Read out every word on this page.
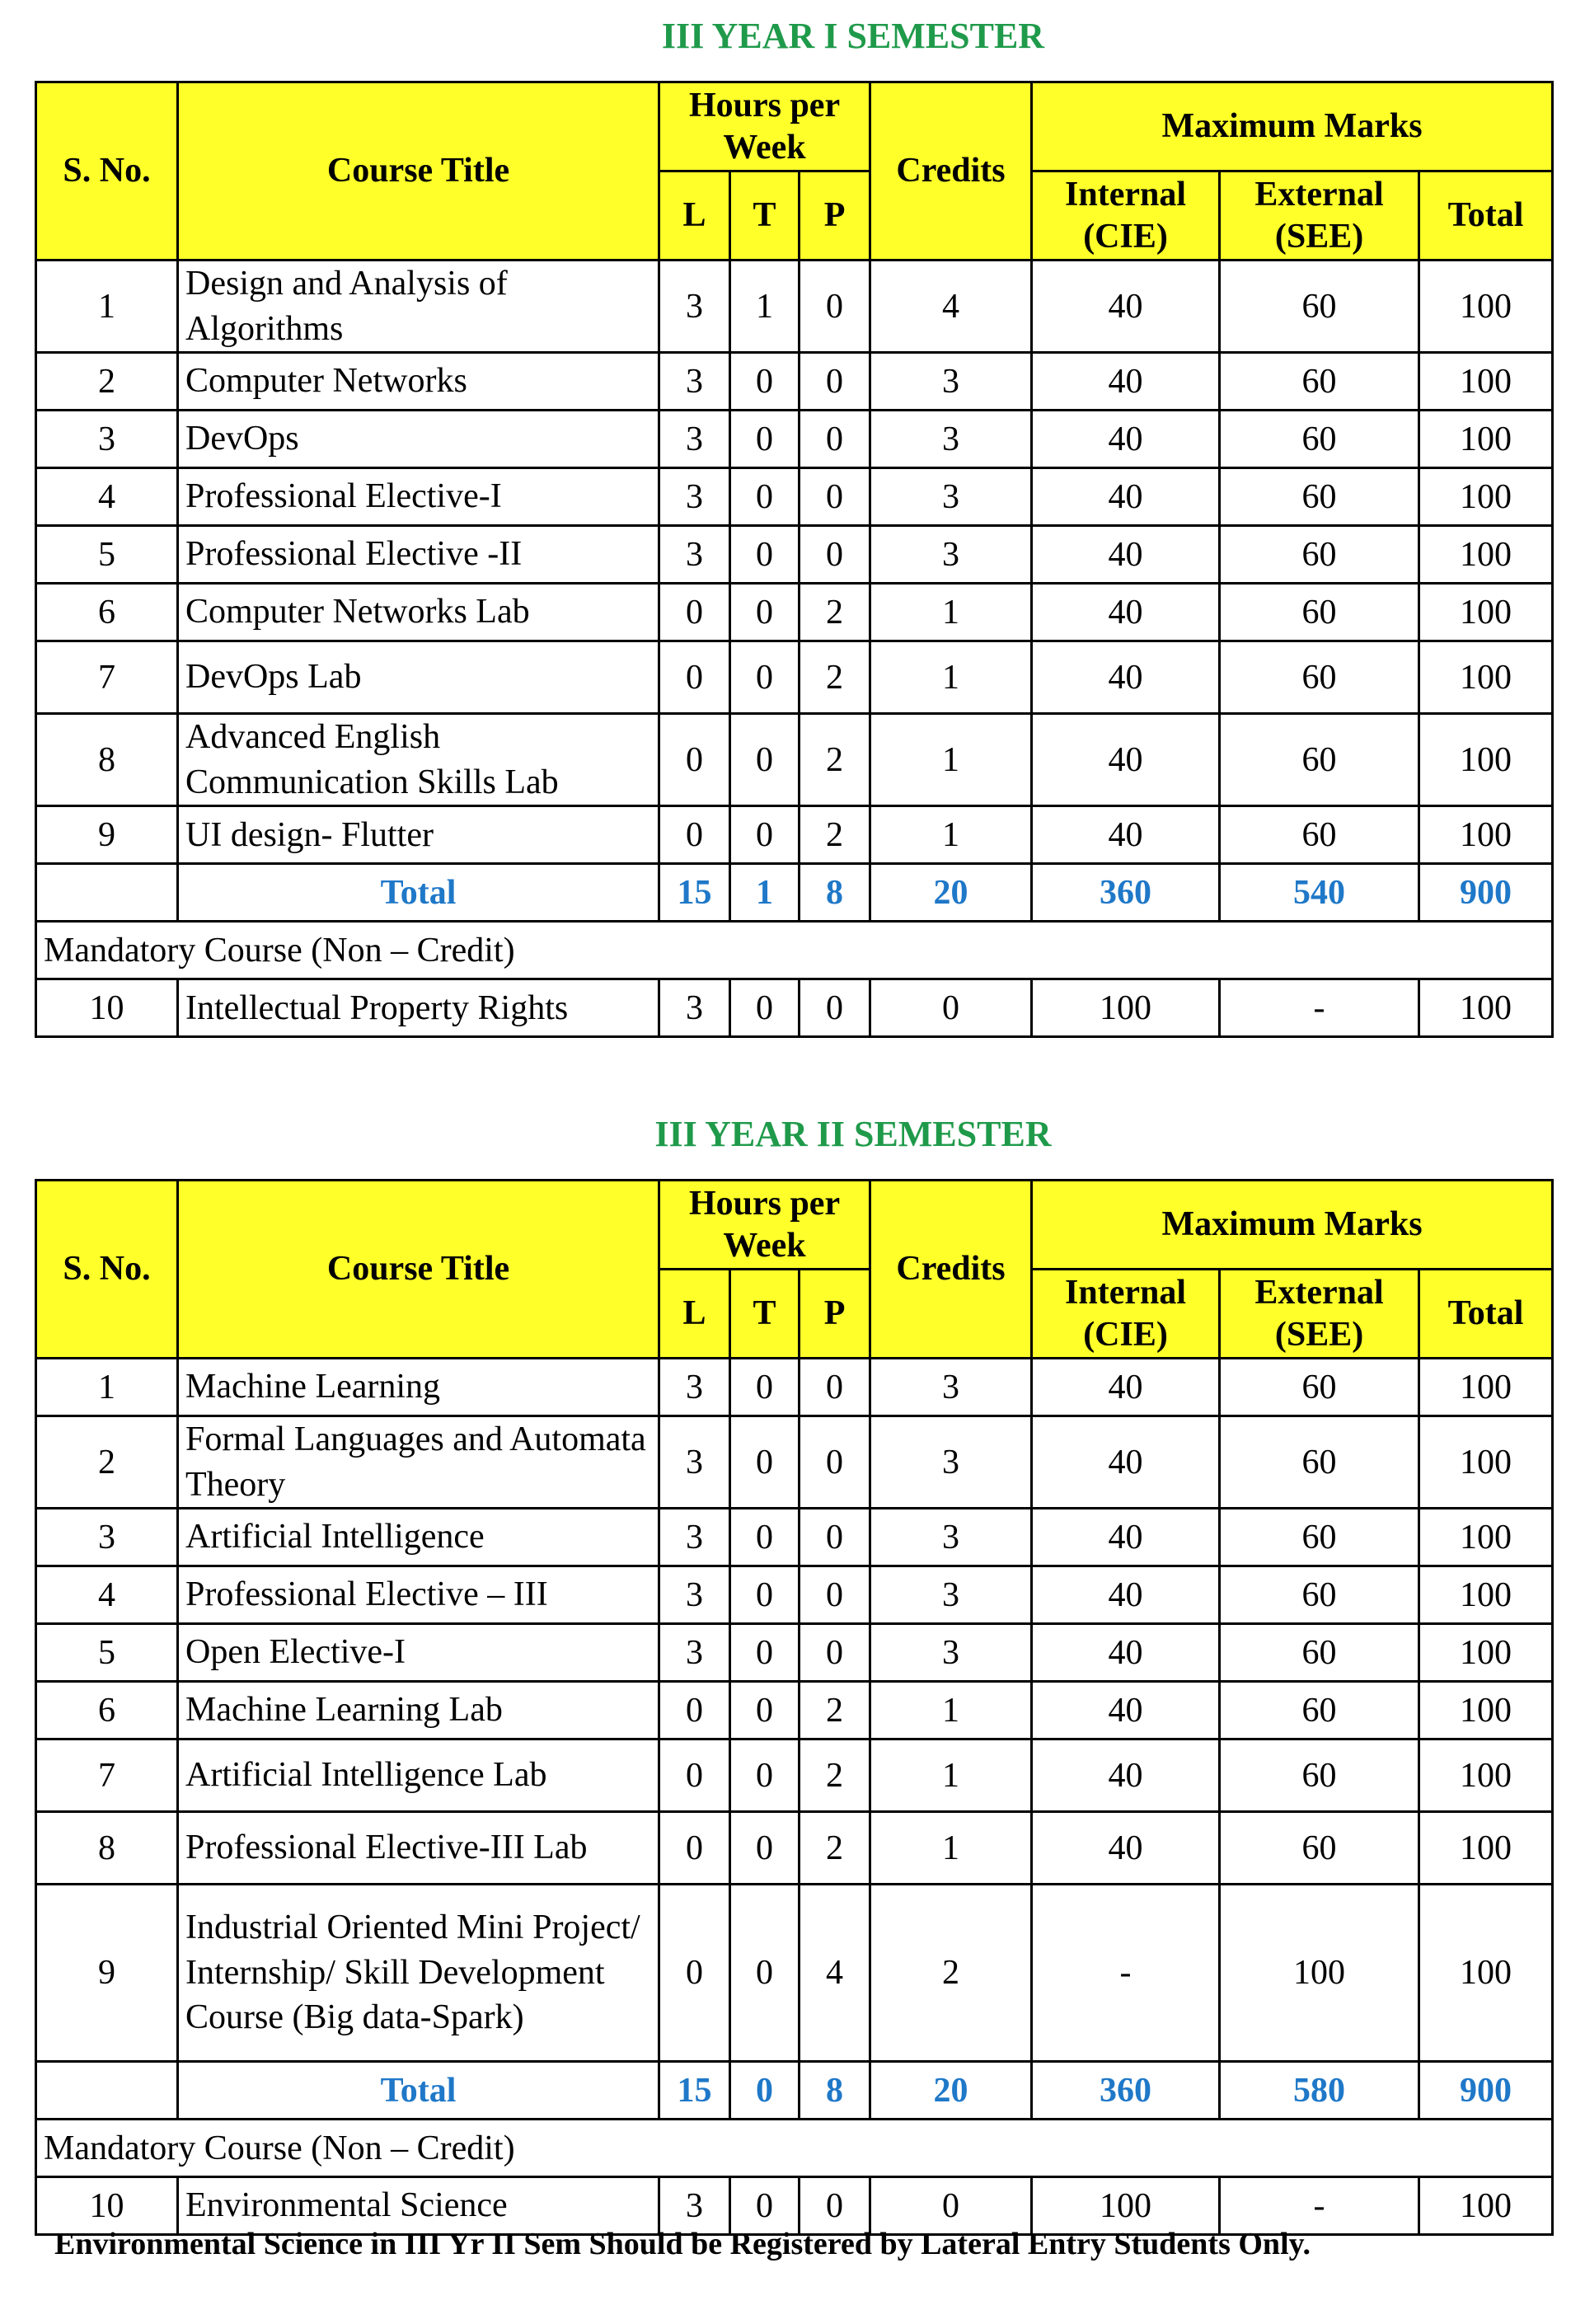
III YEAR I SEMESTER
S. No.	Course Title	Hours per Week			Credits	Maximum Marks		
		L	T	P		Internal (CIE)	External (SEE)	Total
1	Design and Analysis of Algorithms	3	1	0	4	40	60	100
2	Computer Networks	3	0	0	3	40	60	100
3	DevOps	3	0	0	3	40	60	100
4	Professional Elective-I	3	0	0	3	40	60	100
5	Professional Elective -II	3	0	0	3	40	60	100
6	Computer Networks Lab	0	0	2	1	40	60	100
7	DevOps Lab	0	0	2	1	40	60	100
8	Advanced English Communication Skills Lab	0	0	2	1	40	60	100
9	UI design- Flutter	0	0	2	1	40	60	100
	Total	15	1	8	20	360	540	900
Mandatory Course (Non – Credit)								
10	Intellectual Property Rights	3	0	0	0	100	-	100
III YEAR II SEMESTER
S. No.	Course Title	Hours per Week			Credits	Maximum Marks		
		L	T	P		Internal (CIE)	External (SEE)	Total
1	Machine Learning	3	0	0	3	40	60	100
2	Formal Languages and Automata Theory	3	0	0	3	40	60	100
3	Artificial Intelligence	3	0	0	3	40	60	100
4	Professional Elective – III	3	0	0	3	40	60	100
5	Open Elective-I	3	0	0	3	40	60	100
6	Machine Learning Lab	0	0	2	1	40	60	100
7	Artificial Intelligence Lab	0	0	2	1	40	60	100
8	Professional Elective-III Lab	0	0	2	1	40	60	100
9	Industrial Oriented Mini Project/ Internship/ Skill Development Course (Big data-Spark)	0	0	4	2	-	100	100
	Total	15	0	8	20	360	580	900
Mandatory Course (Non – Credit)								
10	Environmental Science	3	0	0	0	100	-	100
Environmental Science in III Yr II Sem Should be Registered by Lateral Entry Students Only.
